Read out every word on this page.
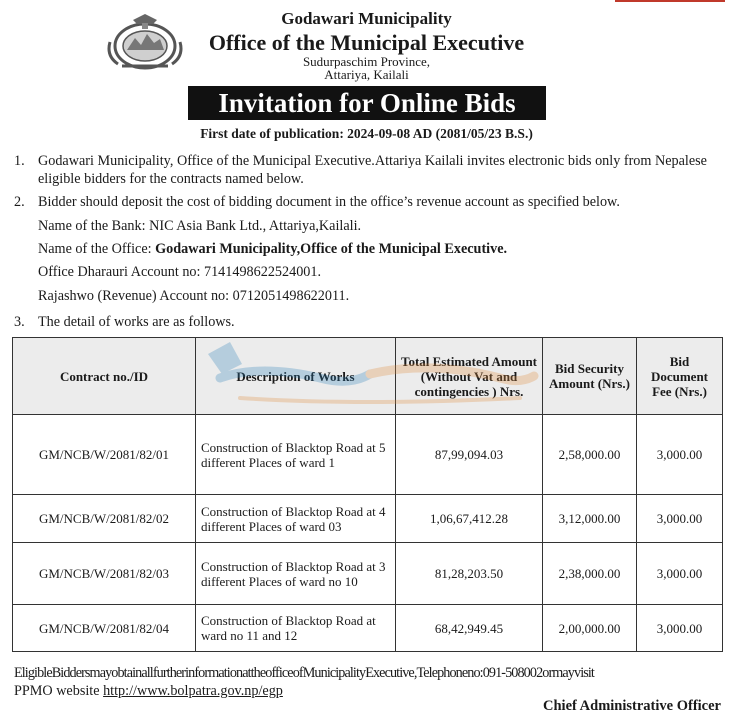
Godawari Municipality
Office of the Municipal Executive
Sudurpaschim Province,
Attariya, Kailali
Invitation for Online Bids
First date of publication: 2024-09-08 AD (2081/05/23 B.S.)
1. Godawari Municipality, Office of the Municipal Executive.Attariya Kailali invites electronic bids only from Nepalese eligible bidders for the contracts named below.
2. Bidder should deposit the cost of bidding document in the office’s revenue account as specified below.
Name of the Bank: NIC Asia Bank Ltd., Attariya,Kailali.
Name of the Office: Godawari Municipality,Office of the Municipal Executive.
Office Dharauri Account no: 7141498622524001.
Rajashwo (Revenue) Account no: 0712051498622011.
3. The detail of works are as follows.
Contract no./ID	Description of Works	Total Estimated Amount (Without Vat and contingencies ) Nrs.	Bid Security Amount (Nrs.)	Bid Document Fee (Nrs.)
GM/NCB/W/2081/82/01	Construction of Blacktop Road at 5 different Places of ward 1	87,99,094.03	2,58,000.00	3,000.00
GM/NCB/W/2081/82/02	Construction of Blacktop Road at 4 different Places of ward 03	1,06,67,412.28	3,12,000.00	3,000.00
GM/NCB/W/2081/82/03	Construction of Blacktop Road at 3 different Places of ward no 10	81,28,203.50	2,38,000.00	3,000.00
GM/NCB/W/2081/82/04	Construction of Blacktop Road at ward no 11 and 12	68,42,949.45	2,00,000.00	3,000.00
EligibleBiddersmayobtainallfurtherinformationattheofficeofMunicipalityExecutive,Telephoneno:091-508002ormayvisit
PPMO website http://www.bolpatra.gov.np/egp
Chief Administrative Officer
